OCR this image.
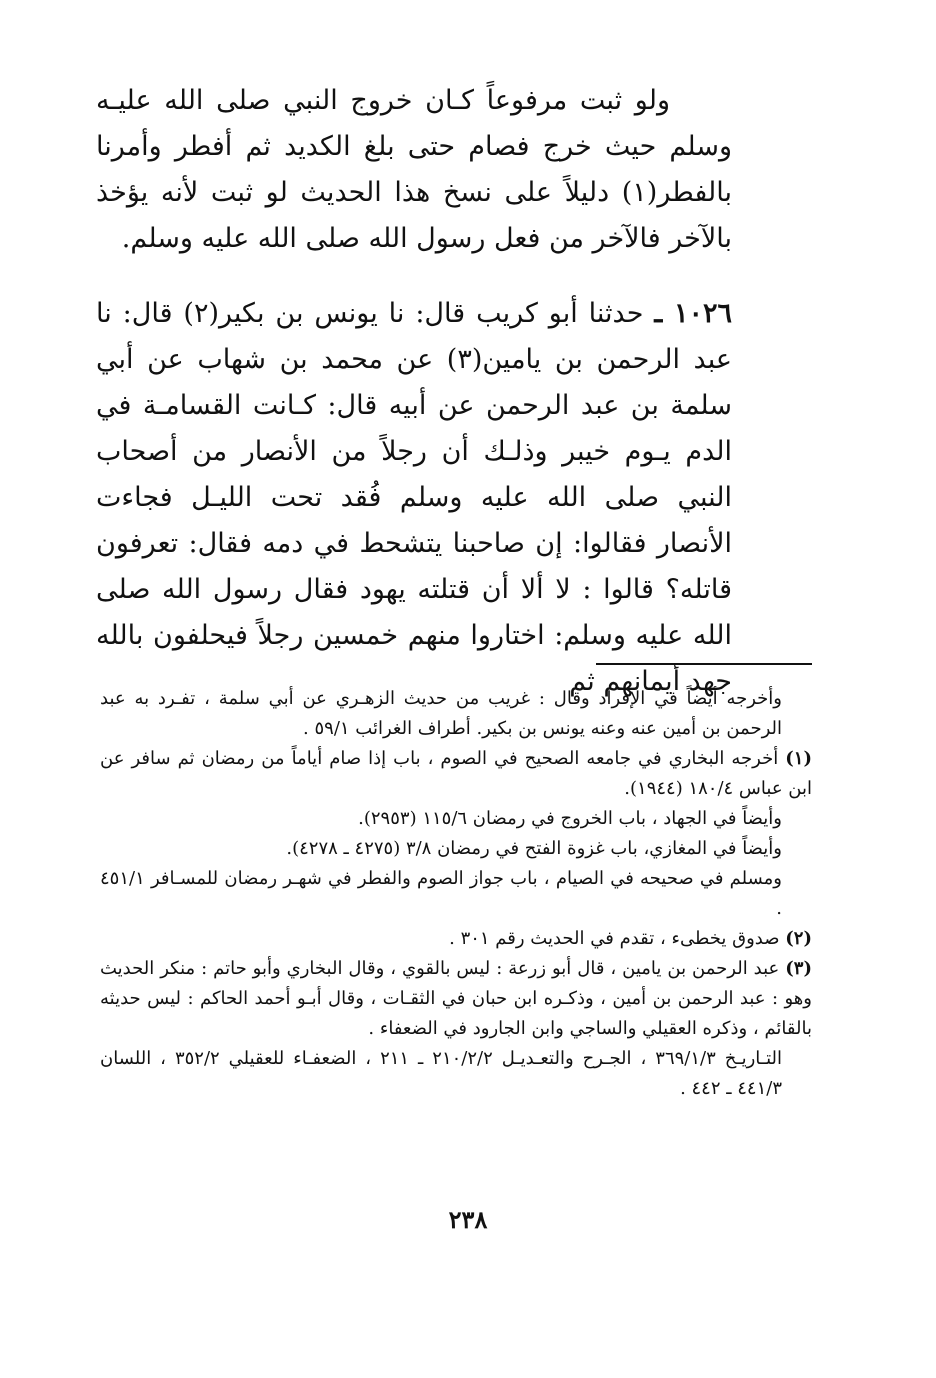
ولو ثبت مرفوعاً كـان خروج النبي صلى الله عليـه وسلم حيث خرج فصام حتى بلغ الكديد ثم أفطر وأمرنا بالفطر(١) دليلاً على نسخ هذا الحديث لو ثبت لأنه يؤخذ بالآخر فالآخر من فعل رسول الله صلى الله عليه وسلم.

١٠٢٦ ـ حدثنا أبو كريب قال: نا يونس بن بكير(٢) قال: نا عبد الرحمن بن يامين(٣) عن محمد بن شهاب عن أبي سلمة بن عبد الرحمن عن أبيه قال: كـانت القسامـة في الدم يـوم خيبر وذلـك أن رجلاً من الأنصار من أصحاب النبي صلى الله عليه وسلم فُقد تحت الليـل فجاءت الأنصار فقالوا: إن صاحبنا يتشحط في دمه فقال: تعرفون قاتله؟ قالوا : لا ألا أن قتلته يهود فقال رسول الله صلى الله عليه وسلم: اختاروا منهم خمسين رجلاً فيحلفون بالله جهد أيمانهم ثم

وأخرجه أيضاً في الإفراد وقال : غريب من حديث الزهـري عن أبي سلمة ، تفـرد به عبد الرحمن بن أمين عنه وعنه يونس بن بكير. أطراف الغرائب ٥٩/١ .

(١) أخرجه البخاري في جامعه الصحيح في الصوم ، باب إذا صام أياماً من رمضان ثم سافر عن ابن عباس ١٨٠/٤ (١٩٤٤).

وأيضاً في الجهاد ، باب الخروج في رمضان ١١٥/٦ (٢٩٥٣).

وأيضاً في المغازي، باب غزوة الفتح في رمضان ٣/٨ (٤٢٧٥ ـ ٤٢٧٨).

ومسلم في صحيحه في الصيام ، باب جواز الصوم والفطر في شهـر رمضان للمسـافر ٤٥١/١ .

(٢) صدوق يخطىء ، تقدم في الحديث رقم ٣٠١ .

(٣) عبد الرحمن بن يامين ، قال أبو زرعة : ليس بالقوي ، وقال البخاري وأبو حاتم : منكر الحديث وهو : عبد الرحمن بن أمين ، وذكـره ابن حبان في الثقـات ، وقال أبـو أحمد الحاكم : ليس حديثه بالقائم ، وذكره العقيلي والساجي وابن الجارود في الضعفاء .

التـاريـخ ٣٦٩/١/٣ ، الجـرح والتعـديـل ٢١٠/٢/٢ ـ ٢١١ ، الضعفـاء للعقيلي ٣٥٢/٢ ، اللسان ٤٤١/٣ ـ ٤٤٢ .

٢٣٨
